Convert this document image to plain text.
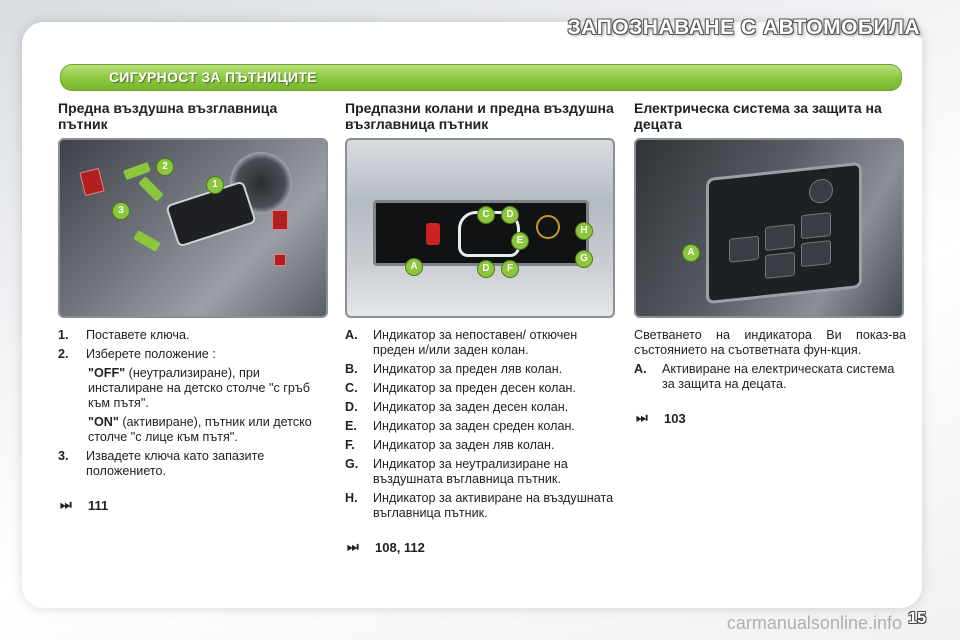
ЗАПОЗНАВАНЕ С АВТОМОБИЛА
СИГУРНОСТ ЗА ПЪТНИЦИТЕ
Предна въздушна възглавница пътник
2
1
3
1.	Поставете ключа.
2.	Изберете положение :
"OFF" (неутрализиране), при инсталиране на детско столче "с гръб към пътя".
"ON" (активиране), пътник или детско столче "с лице към пътя".
3.	Извадете ключа като запазите положението.
⏭	111
Предпазни колани и предна въздушна възглавница пътник
A
C	D
E
D	F
H
G
A.	Индикатор за непоставен/ откючен преден и/или заден колан.
B.	Индикатор за преден ляв колан.
C.	Индикатор за преден десен колан.
D.	Индикатор за заден десен колан.
E.	Индикатор за заден среден колан.
F.	Индикатор за заден ляв колан.
G.	Индикатор за неутрализиране на въздушната въглавница пътник.
H.	Индикатор за активиране на въздушната въглавница пътник.
⏭	108, 112
Електрическа система за защита на децата
A
Светването на индикатора Ви показ-ва състоянието на съответната фун-кция.
A.	Активиране на електрическата система за защита на децата.
⏭	103
carmanualsonline.info 15
